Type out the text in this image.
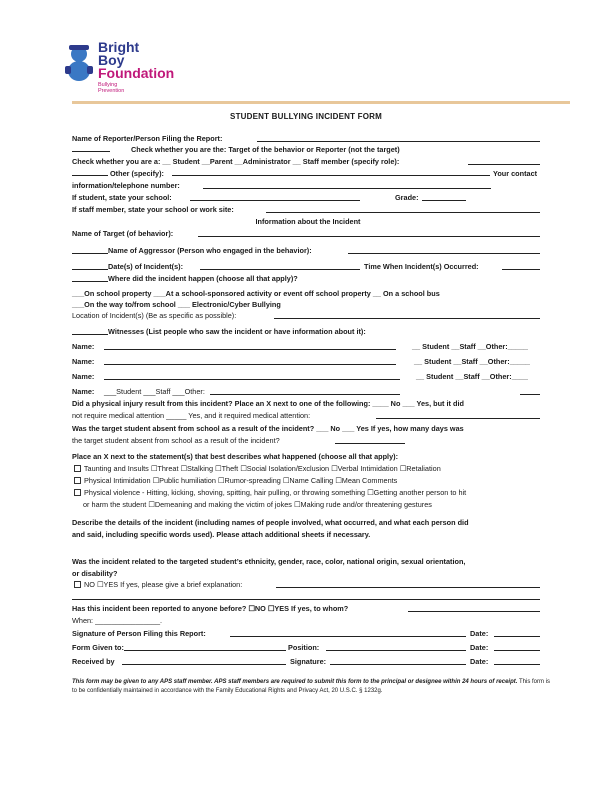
Bright
Boy
Foundation
Bullying Prevention
STUDENT BULLYING INCIDENT FORM
Name of Reporter/Person Filing the Report:
Check whether you are the: Target of the behavior or Reporter (not the target)
Check whether you are a: __ Student __Parent __Administrator __ Staff member (specify role):
Other (specify):	Your contact
information/telephone number:
If student, state your school:	Grade:
If staff member, state your school or work site:
Information about the Incident
Name of Target (of behavior):
Name of Aggressor (Person who engaged in the behavior):
Date(s) of Incident(s):	Time When Incident(s) Occurred:
Where did the incident happen (choose all that apply)?
___On school property ___At a school-sponsored activity or event off school property __ On a school bus
___On the way to/from school ___ Electronic/Cyber Bullying
Location of Incident(s) (Be as specific as possible):
Witnesses (List people who saw the incident or have information about it):
Name:	__ Student __Staff __Other:_____
Name:	__ Student __Staff __Other:_____
Name:	__ Student __Staff __Other:____
Name:	___Student ___Staff ___Other:
Did a physical injury result from this incident? Place an X next to one of the following: ____ No ___ Yes, but it did
not require medical attention _____ Yes, and it required medical attention:
Was the target student absent from school as a result of the incident? ___ No ___ Yes If yes, how many days was
the target student absent from school as a result of the incident?
Place an X next to the statement(s) that best describes what happened (choose all that apply):
Taunting and Insults ☐Threat ☐Stalking ☐Theft ☐Social Isolation/Exclusion ☐Verbal Intimidation ☐Retaliation
Physical Intimidation ☐Public humiliation ☐Rumor-spreading ☐Name Calling ☐Mean Comments
Physical violence - Hitting, kicking, shoving, spitting, hair pulling, or throwing something ☐Getting another person to hit
or harm the student ☐Demeaning and making the victim of jokes ☐Making rude and/or threatening gestures
Describe the details of the incident (including names of people involved, what occurred, and what each person did
and said, including specific words used). Please attach additional sheets if necessary.
Was the incident related to the targeted student’s ethnicity, gender, race, color, national origin, sexual orientation,
or disability?
NO ☐YES If yes, please give a brief explanation:
Has this incident been reported to anyone before? ☐NO ☐YES If yes, to whom?
When: ________________.
Signature of Person Filing this Report:	Date:
Form Given to:	Position:	Date:
Received by	Signature:	Date:
This form may be given to any APS staff member. APS staff members are required to submit this form to the principal or designee within 24 hours of receipt. This form is to be confidentially maintained in accordance with the Family Educational Rights and Privacy Act, 20 U.S.C. § 1232g.
